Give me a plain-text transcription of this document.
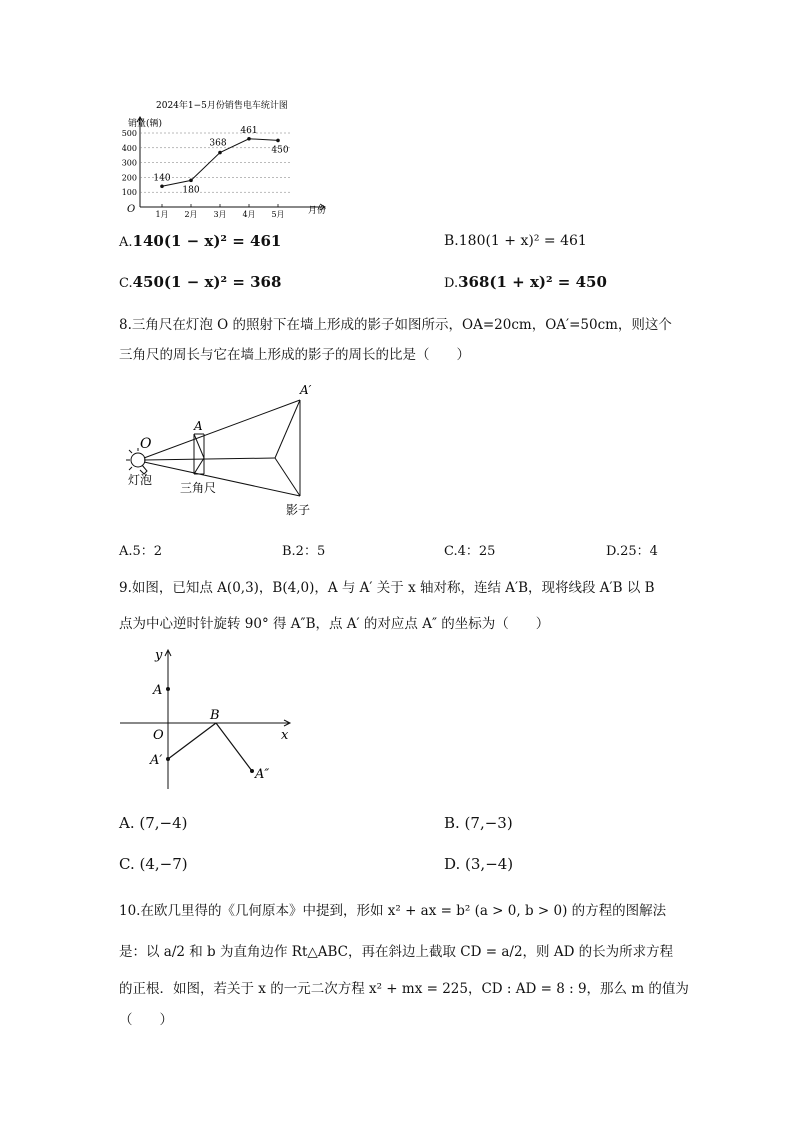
2024年1−5月份销售电车统计图
销量(辆)
O	月份
100
200
300
400
500
1月 2月 3月 4月 5月
140
180
368
461
450
A.140(1 − x)² = 461	B.180(1 + x)² = 461
C.450(1 − x)² = 368	D.368(1 + x)² = 450
8.三角尺在灯泡 O 的照射下在墙上形成的影子如图所示，OA=20cm，OA′=50cm，则这个
三角尺的周长与它在墙上形成的影子的周长的比是（　　）
O
A
A′
灯泡
三角尺
影子
A.5：2	B.2：5	C.4：25	D.25：4
9.如图，已知点 A(0,3)，B(4,0)，A 与 A′ 关于 x 轴对称，连结 A′B，现将线段 A′B 以 B
点为中心逆时针旋转 90° 得 A″B，点 A′ 的对应点 A″ 的坐标为（　　）
y
x
O
A
B
A′
A″
A. (7,−4)	B. (7,−3)
C. (4,−7)	D. (3,−4)
10.在欧几里得的《几何原本》中提到，形如 x² + ax = b² (a > 0, b > 0) 的方程的图解法
是：以 a/2 和 b 为直角边作 Rt△ABC，再在斜边上截取 CD = a/2，则 AD 的长为所求方程
的正根．如图，若关于 x 的一元二次方程 x² + mx = 225，CD : AD = 8 : 9，那么 m 的值为
（　　）
